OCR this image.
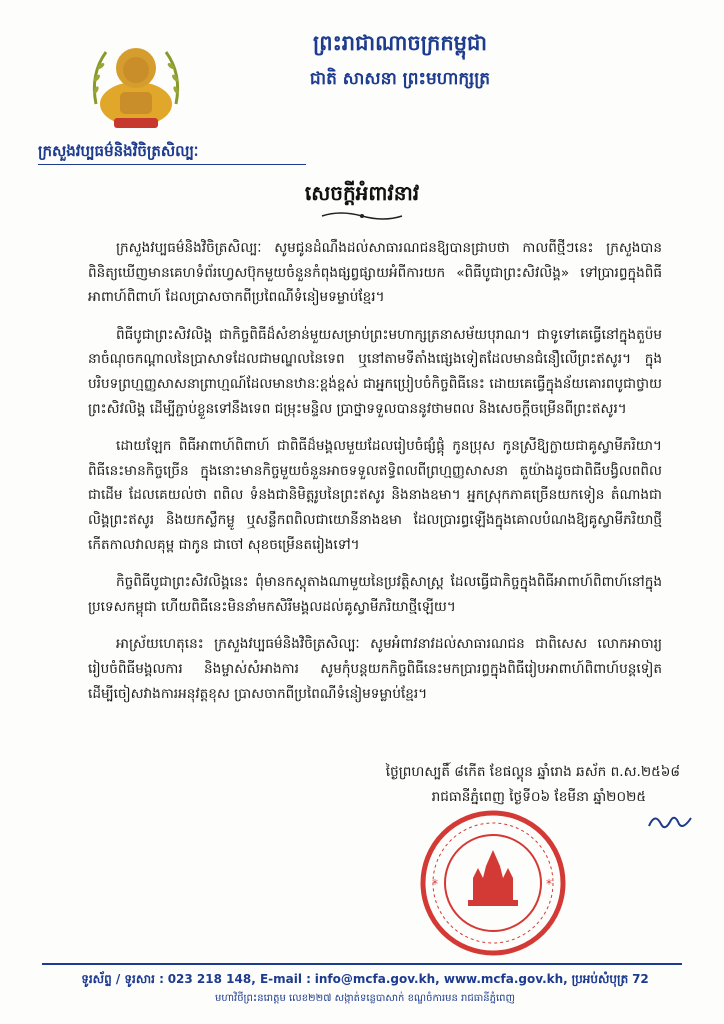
ក្រសួងវប្បធម៌និងវិចិត្រសិល្បៈ
ព្រះរាជាណាចក្រកម្ពុជា
ជាតិ សាសនា ព្រះមហាក្សត្រ
សេចក្ដីអំពាវនាវ

ក្រសួងវប្បធម៌និងវិចិត្រសិល្បៈ សូមជូនដំណឹងដល់សាធារណជនឱ្យបានជ្រាបថា កាលពីថ្មីៗនេះ ក្រសួងបានពិនិត្យឃើញមានគេហទំព័រហ្វេសប៊ុកមួយចំនួនកំពុងផ្សព្វផ្សាយអំពីការយក «ពិធីបូជាព្រះសិវលិង្គ» ទៅប្រារព្ធក្នុងពិធីអាពាហ៍ពិពាហ៍ ដែលប្រាសចាកពីប្រពៃណីទំនៀមទម្លាប់ខ្មែរ។

ពិធីបូជាព្រះសិវលិង្គ ជាកិច្ចពិធីដ៏សំខាន់មួយសម្រាប់ព្រះមហាក្សត្រនាសម័យបុរាណ។ ជាទូទៅគេធ្វើនៅក្នុងតួប៉ម នាចំណុចកណ្ដាលនៃប្រាសាទដែលជាមណ្ឌលនៃទេព ឬនៅតាមទីតាំងផ្សេងទៀតដែលមានជំនឿលើព្រះឥសូរ។ ក្នុងបរិបទព្រហ្មញ្ញសាសនាព្រាហ្មណ៍ដែលមានឋានៈខ្ពង់ខ្ពស់ ជាអ្នកប្រៀបចំកិច្ចពិធីនេះ ដោយគេធ្វើក្នុងន័យគោរពបូជាថ្វាយព្រះសិវលិង្គ ដើម្បីភ្ជាប់ខ្លួនទៅនឹងទេព ជម្រុះមន្ទិល ប្រាថ្នាទទួលបាននូវថាមពល និងសេចក្ដីចម្រើនពីព្រះឥសូរ។

ដោយឡែក ពិធីអាពាហ៍ពិពាហ៍ ជាពិធីដ៏មង្គលមួយដែលរៀបចំផ្សំផ្គុំ កូនប្រុស កូនស្រីឱ្យក្លាយជាគូស្វាមីភរិយា។ ពិធីនេះមានកិច្ចច្រើន ក្នុងនោះមានកិច្ចមួយចំនួនអាចទទួលឥទ្ធិពលពីព្រហ្មញ្ញសាសនា តួយ៉ាងដូចជាពិធីបង្វិលពពិលជាដើម ដែលគេយល់ថា ពពិល ទំនងជានិមិត្តរូបនៃព្រះឥសូរ និងនាងឧមា។ អ្នកស្រុកភាគច្រើនយកទៀន តំណាងជាលិង្គព្រះឥសូរ និងយកស្លឹកម្លូ ឬសន្លឹកពពិលជាយោនីនាងឧមា ដែលប្រារព្ធឡើងក្នុងគោលបំណងឱ្យគូស្វាមីភរិយាថ្មី កើតកាលវាលគុម្ព ជាកូន ជាចៅ សុខចម្រើនតរៀងទៅ។

កិច្ចពិធីបូជាព្រះសិវលិង្គនេះ ពុំមានកស្តុតាងណាមួយនៃប្រវត្តិសាស្ត្រ ដែលធ្វើជាកិច្ចក្នុងពិធីអាពាហ៍ពិពាហ៍នៅក្នុងប្រទេសកម្ពុជា ហើយពិធីនេះមិននាំមកសិរីមង្គលដល់គូស្វាមីភរិយាថ្មីឡើយ។

អាស្រ័យហេតុនេះ ក្រសួងវប្បធម៌និងវិចិត្រសិល្បៈ សូមអំពាវនាវដល់សាធារណជន ជាពិសេស លោកអាចារ្យរៀបចំពិធីមង្គលការ និងម្ចាស់សំអាងការ សូមកុំបន្តយកកិច្ចពិធីនេះមកប្រារព្ធក្នុងពិធីរៀបអាពាហ៍ពិពាហ៍បន្តទៀត ដើម្បីចៀសវាងការអនុវត្តខុស ប្រាសចាកពីប្រពៃណីទំនៀមទម្លាប់ខ្មែរ។

ថ្ងៃព្រហស្បតិ៍ ៨កើត ខែផល្គុន ឆ្នាំរោង ឆស័ក ព.ស.២៥៦៨
រាជធានីភ្នំពេញ ថ្ងៃទី០៦ ខែមីនា ឆ្នាំ២០២៥
*	*
ទូរស័ព្ទ / ទូរសារ : 023 218 148, E-mail : info@mcfa.gov.kh, www.mcfa.gov.kh, ប្រអប់សំបុត្រ 72
មហាវិថីព្រះនរោត្តម លេខ២២៧ សង្កាត់ទន្លេបាសាក់ ខណ្ឌចំការមន រាជធានីភ្នំពេញ
